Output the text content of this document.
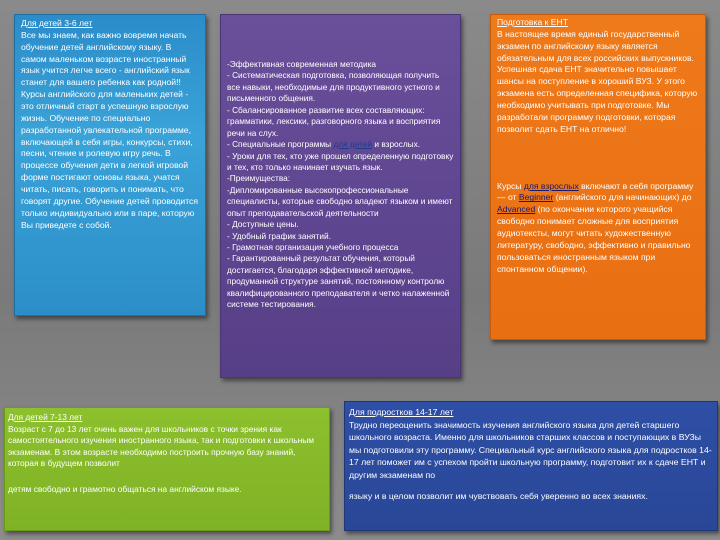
Для детей 3-6 лет

Все мы знаем, как важно вовремя начать обучение детей английскому языку. В самом маленьком возрасте иностранный язык учится легче всего - английский язык станет для вашего ребенка как родной!! Курсы английского для маленьких детей - это отличный старт в успешную взрослую жизнь. Обучение по специально разработанной увлекательной программе, включающей в себя игры, конкурсы, стихи, песни, чтение и ролевую игру речь. В процессе обучения дети в легкой игровой форме постигают основы языка, учатся читать, писать, говорить и понимать, что говорят другие. Обучение детей проводится только индивидуально или в паре, которую Вы приведете с собой.

-Эффективная современная методика

- Систематическая подготовка, позволяющая получить все навыки, необходимые для продуктивного устного и письменного общения.

- Сбалансированное развитие всех составляющих: грамматики, лексики, разговорного языка и восприятия речи на слух.

- Специальные программы для детей и взрослых.

- Уроки для тех, кто уже прошел определенную подготовку и тех, кто только начинает изучать язык.

-Преимущества:

-Дипломированные высокопрофессиональные специалисты, которые свободно владеют языком и имеют опыт преподавательской деятельности

- Доступные цены.

- Удобный график занятий.

- Грамотная организация учебного процесса

- Гарантированный результат обучения, который достигается, благодаря эффективной методике, продуманной структуре занятий, постоянному контролю квалифицированного преподавателя и четко налаженной системе тестирования.

Подготовка к ЕНТ

В настоящее время единый государственный экзамен по английскому языку является обязательным для всех российских выпускников. Успешная сдача ЕНТ значительно повышает шансы на поступление в хороший ВУЗ. У этого экзамена есть определенная специфика, которую необходимо учитывать при подготовке. Мы разработали программу подготовки, которая позволит сдать ЕНТ на отлично!

Курсы для взрослых включают в себя программу — от Beginner (английского для начинающих) до Advanced (по окончании которого учащийся свободно понимает сложные для восприятия аудиотексты, могут читать художественную литературу, свободно, эффективно и правильно пользоваться иностранным языком при спонтанном общении).

Для детей 7-13 лет

Возраст с 7 до 13 лет очень важен для школьников с точки зрения как самостоятельного изучения иностранного языка, так и подготовки к школьным экзаменам. В этом возрасте необходимо построить прочную базу знаний, которая в будущем позволит

детям свободно и грамотно общаться на английском языке.

Для подростков 14-17 лет

Трудно переоценить значимость изучения английского языка для детей старшего школьного возраста. Именно для школьников старших классов и поступающих в ВУЗы мы подготовили эту программу. Специальный курс английского языка для подростков 14-17 лет поможет им с успехом пройти школьную программу, подготовит их к сдаче ЕНТ и другим экзаменам по

языку и в целом позволит им чувствовать себя уверенно во всех знаниях.
